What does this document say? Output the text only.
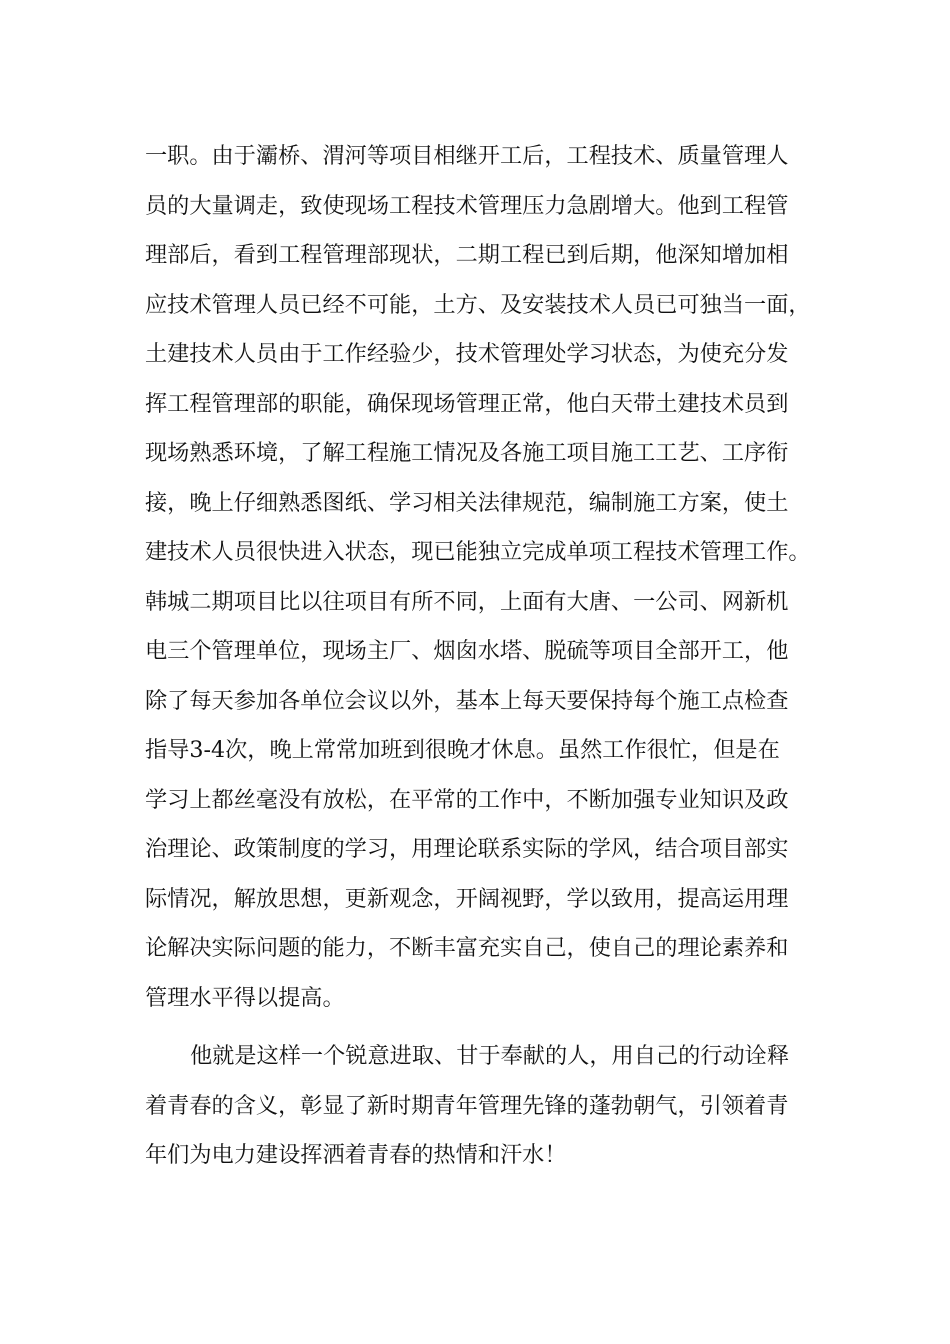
一职。由于灞桥、渭河等项目相继开工后，工程技术、质量管理人
员的大量调走，致使现场工程技术管理压力急剧增大。他到工程管
理部后，看到工程管理部现状，二期工程已到后期，他深知增加相
应技术管理人员已经不可能，土方、及安装技术人员已可独当一面，
土建技术人员由于工作经验少，技术管理处学习状态，为使充分发
挥工程管理部的职能，确保现场管理正常，他白天带土建技术员到
现场熟悉环境，了解工程施工情况及各施工项目施工工艺、工序衔
接，晚上仔细熟悉图纸、学习相关法律规范，编制施工方案，使土
建技术人员很快进入状态，现已能独立完成单项工程技术管理工作。
韩城二期项目比以往项目有所不同，上面有大唐、一公司、网新机
电三个管理单位，现场主厂、烟囱水塔、脱硫等项目全部开工，他
除了每天参加各单位会议以外，基本上每天要保持每个施工点检查
指导3-4次，晚上常常加班到很晚才休息。虽然工作很忙，但是在
学习上都丝毫没有放松，在平常的工作中，不断加强专业知识及政
治理论、政策制度的学习，用理论联系实际的学风，结合项目部实
际情况，解放思想，更新观念，开阔视野，学以致用，提高运用理
论解决实际问题的能力，不断丰富充实自己，使自己的理论素养和
管理水平得以提高。
他就是这样一个锐意进取、甘于奉献的人，用自己的行动诠释
着青春的含义，彰显了新时期青年管理先锋的蓬勃朝气，引领着青
年们为电力建设挥洒着青春的热情和汗水！
